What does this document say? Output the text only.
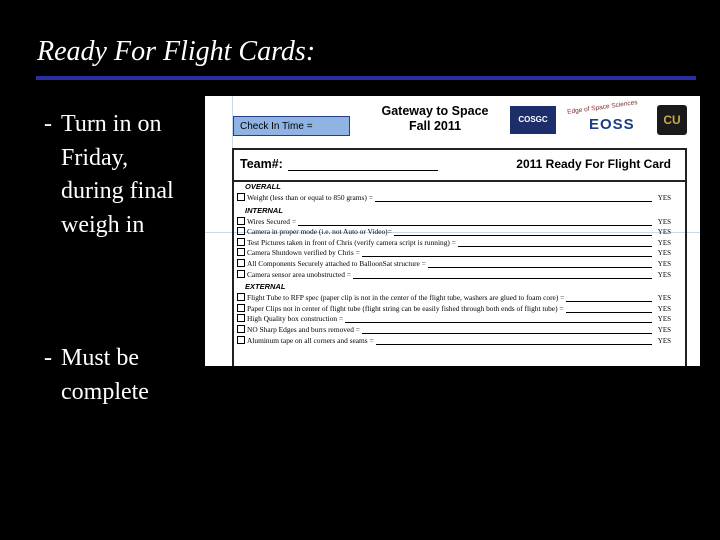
Ready For Flight Cards:
- Turn in on Friday, during final weigh in
- Must be complete
Check In Time =
Gateway to Space
Fall 2011	COSGC
Edge of Space Sciences
EOSS	CU
Team#:	2011 Ready For Flight Card
OVERALL
Weight (less than or equal to 850 grams) =	YES
INTERNAL
Wires Secured =	YES
Camera in proper mode (i.e. not Auto or Video)=	YES
Test Pictures taken in front of Chris (verify camera script is running) =	YES
Camera Shutdown verified by Chris =	YES
All Components Securely attached to BalloonSat structure =	YES
Camera sensor area unobstructed =	YES
EXTERNAL
Flight Tube to RFP spec (paper clip is not in the center of the flight tube, washers are glued to foam core) =	YES
Paper Clips not in center of flight tube (flight string can be easily fished through both ends of flight tube) =	YES
High Quality box construction =	YES
NO Sharp Edges and burrs removed =	YES
Aluminum tape on all corners and seams =	YES
